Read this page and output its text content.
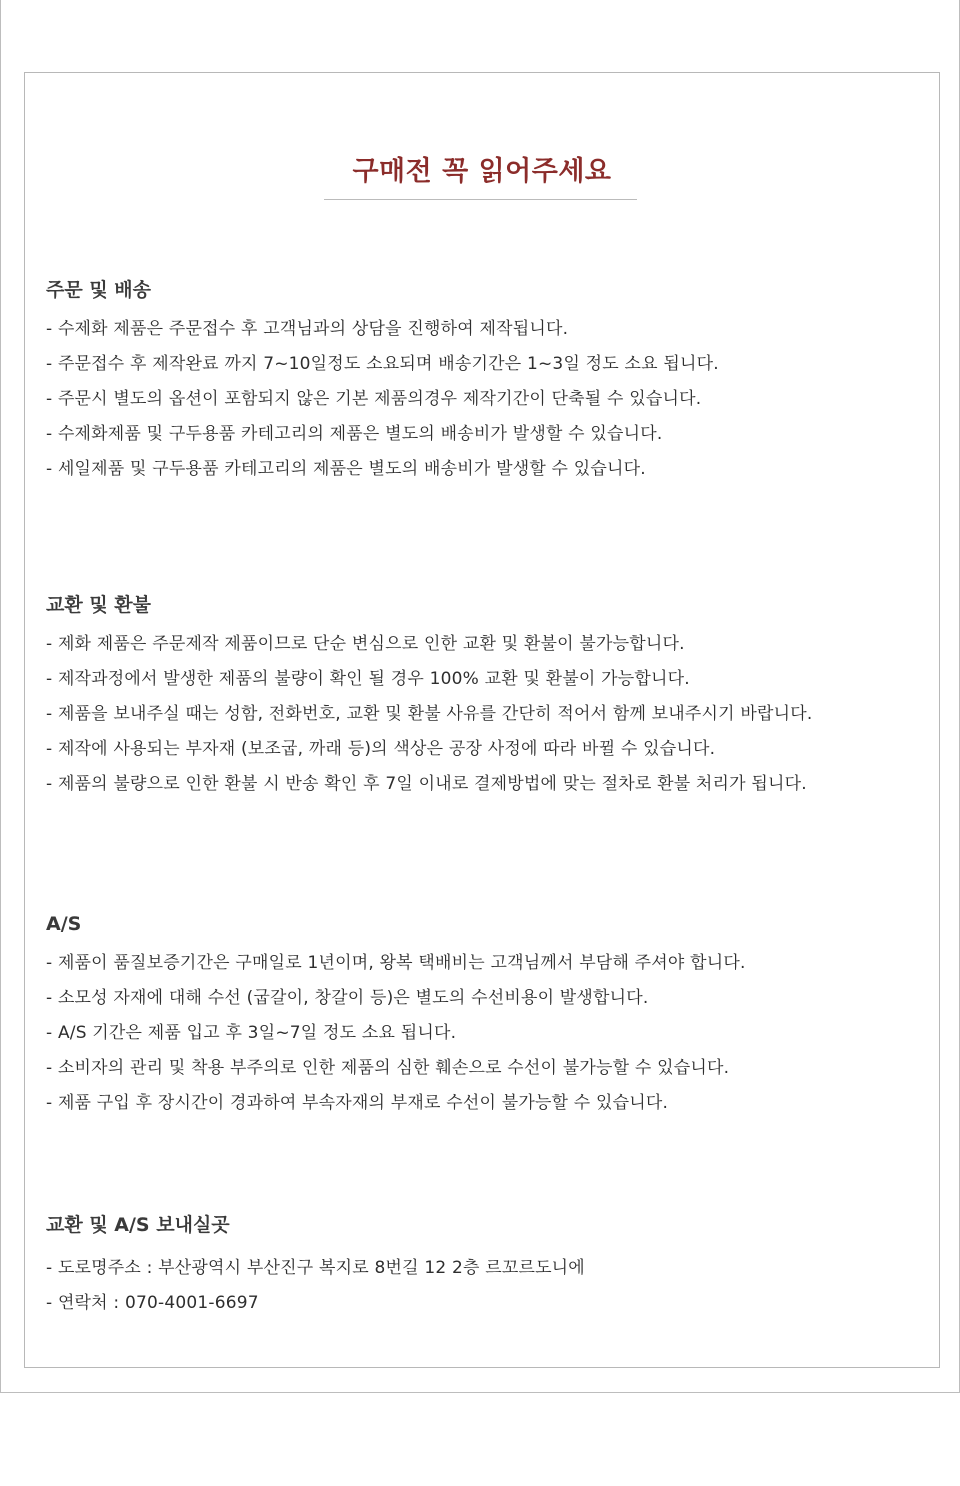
구매전 꼭 읽어주세요
주문 및 배송
- 수제화 제품은 주문접수 후 고객님과의 상담을 진행하여 제작됩니다.
- 주문접수 후 제작완료 까지 7~10일정도 소요되며 배송기간은 1~3일 정도 소요 됩니다.
- 주문시 별도의 옵션이 포함되지 않은 기본 제품의경우 제작기간이 단축될 수 있습니다.
- 수제화제품 및 구두용품 카테고리의 제품은 별도의 배송비가 발생할 수 있습니다.
- 세일제품 및 구두용품 카테고리의 제품은 별도의 배송비가 발생할 수 있습니다.
교환 및 환불
- 제화 제품은 주문제작 제품이므로 단순 변심으로 인한 교환 및 환불이 불가능합니다.
- 제작과정에서 발생한 제품의 불량이 확인 될 경우 100% 교환 및 환불이 가능합니다.
- 제품을 보내주실 때는 성함, 전화번호, 교환 및 환불 사유를 간단히 적어서 함께 보내주시기 바랍니다.
- 제작에 사용되는 부자재 (보조굽, 까래 등)의 색상은 공장 사정에 따라 바뀔 수 있습니다.
- 제품의 불량으로 인한 환불 시 반송 확인 후 7일 이내로 결제방법에 맞는 절차로 환불 처리가 됩니다.
A/S
- 제품이 품질보증기간은 구매일로 1년이며, 왕복 택배비는 고객님께서 부담해 주셔야 합니다.
- 소모성 자재에 대해 수선 (굽갈이, 창갈이 등)은 별도의 수선비용이 발생합니다.
- A/S 기간은 제품 입고 후 3일~7일 정도 소요 됩니다.
- 소비자의 관리 및 착용 부주의로 인한 제품의 심한 훼손으로 수선이 불가능할 수 있습니다.
- 제품 구입 후 장시간이 경과하여 부속자재의 부재로 수선이 불가능할 수 있습니다.
교환 및 A/S 보내실곳
- 도로명주소 : 부산광역시 부산진구 복지로 8번길 12 2층 르꼬르도니에
- 연락처 : 070-4001-6697
